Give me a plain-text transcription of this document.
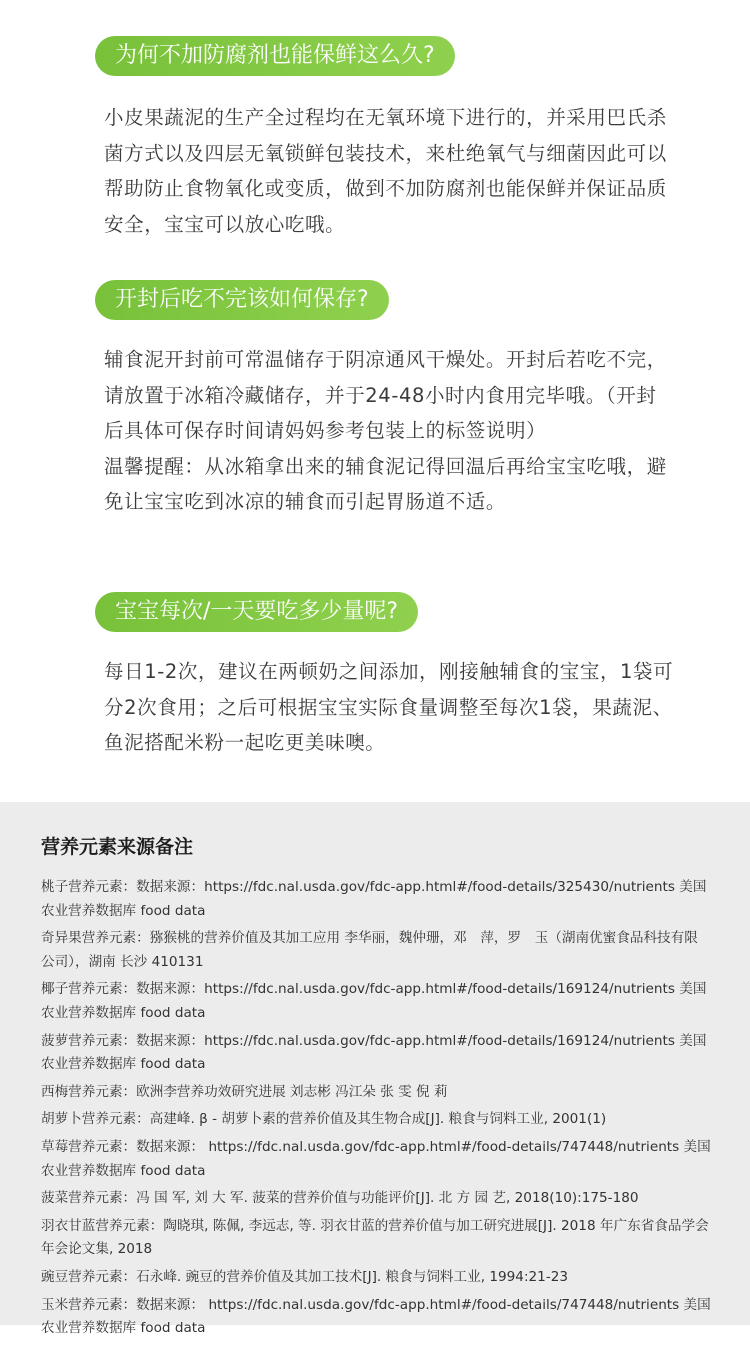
为何不加防腐剂也能保鲜这么久?

小皮果蔬泥的生产全过程均在无氧环境下进行的，并采用巴氏杀菌方式以及四层无氧锁鲜包装技术，来杜绝氧气与细菌因此可以帮助防止食物氧化或变质，做到不加防腐剂也能保鲜并保证品质安全，宝宝可以放心吃哦。

开封后吃不完该如何保存?

辅食泥开封前可常温储存于阴凉通风干燥处。开封后若吃不完，请放置于冰箱冷藏储存，并于24-48小时内食用完毕哦。（开封后具体可保存时间请妈妈参考包装上的标签说明）

温馨提醒：从冰箱拿出来的辅食泥记得回温后再给宝宝吃哦，避免让宝宝吃到冰凉的辅食而引起胃肠道不适。

宝宝每次/一天要吃多少量呢?

每日1-2次，建议在两顿奶之间添加，刚接触辅食的宝宝，1袋可分2次食用；之后可根据宝宝实际食量调整至每次1袋，果蔬泥、鱼泥搭配米粉一起吃更美味噢。

营养元素来源备注
桃子营养元素：数据来源：https://fdc.nal.usda.gov/fdc-app.html#/food-details/325430/nutrients 美国农业营养数据库 food data
奇异果营养元素：猕猴桃的营养价值及其加工应用 李华丽，魏仲珊，邓　萍，罗　玉（湖南优蜜食品科技有限公司），湖南 长沙 410131
椰子营养元素：数据来源：https://fdc.nal.usda.gov/fdc-app.html#/food-details/169124/nutrients 美国农业营养数据库 food data
菠萝营养元素：数据来源：https://fdc.nal.usda.gov/fdc-app.html#/food-details/169124/nutrients 美国农业营养数据库 food data
西梅营养元素：欧洲李营养功效研究进展 刘志彬 冯江朵 张 雯 倪 莉
胡萝卜营养元素：高建峰. β - 胡萝卜素的营养价值及其生物合成[J]. 粮食与饲料工业, 2001(1)
草莓营养元素：数据来源： https://fdc.nal.usda.gov/fdc-app.html#/food-details/747448/nutrients 美国农业营养数据库 food data
菠菜营养元素：冯 国 军, 刘 大 军. 菠菜的营养价值与功能评价[J]. 北 方 园 艺, 2018(10):175-180
羽衣甘蓝营养元素：陶晓琪, 陈佩, 李远志, 等. 羽衣甘蓝的营养价值与加工研究进展[J]. 2018 年广东省食品学会年会论文集, 2018
豌豆营养元素：石永峰. 豌豆的营养价值及其加工技术[J]. 粮食与饲料工业, 1994:21-23
玉米营养元素：数据来源： https://fdc.nal.usda.gov/fdc-app.html#/food-details/747448/nutrients 美国农业营养数据库 food data
